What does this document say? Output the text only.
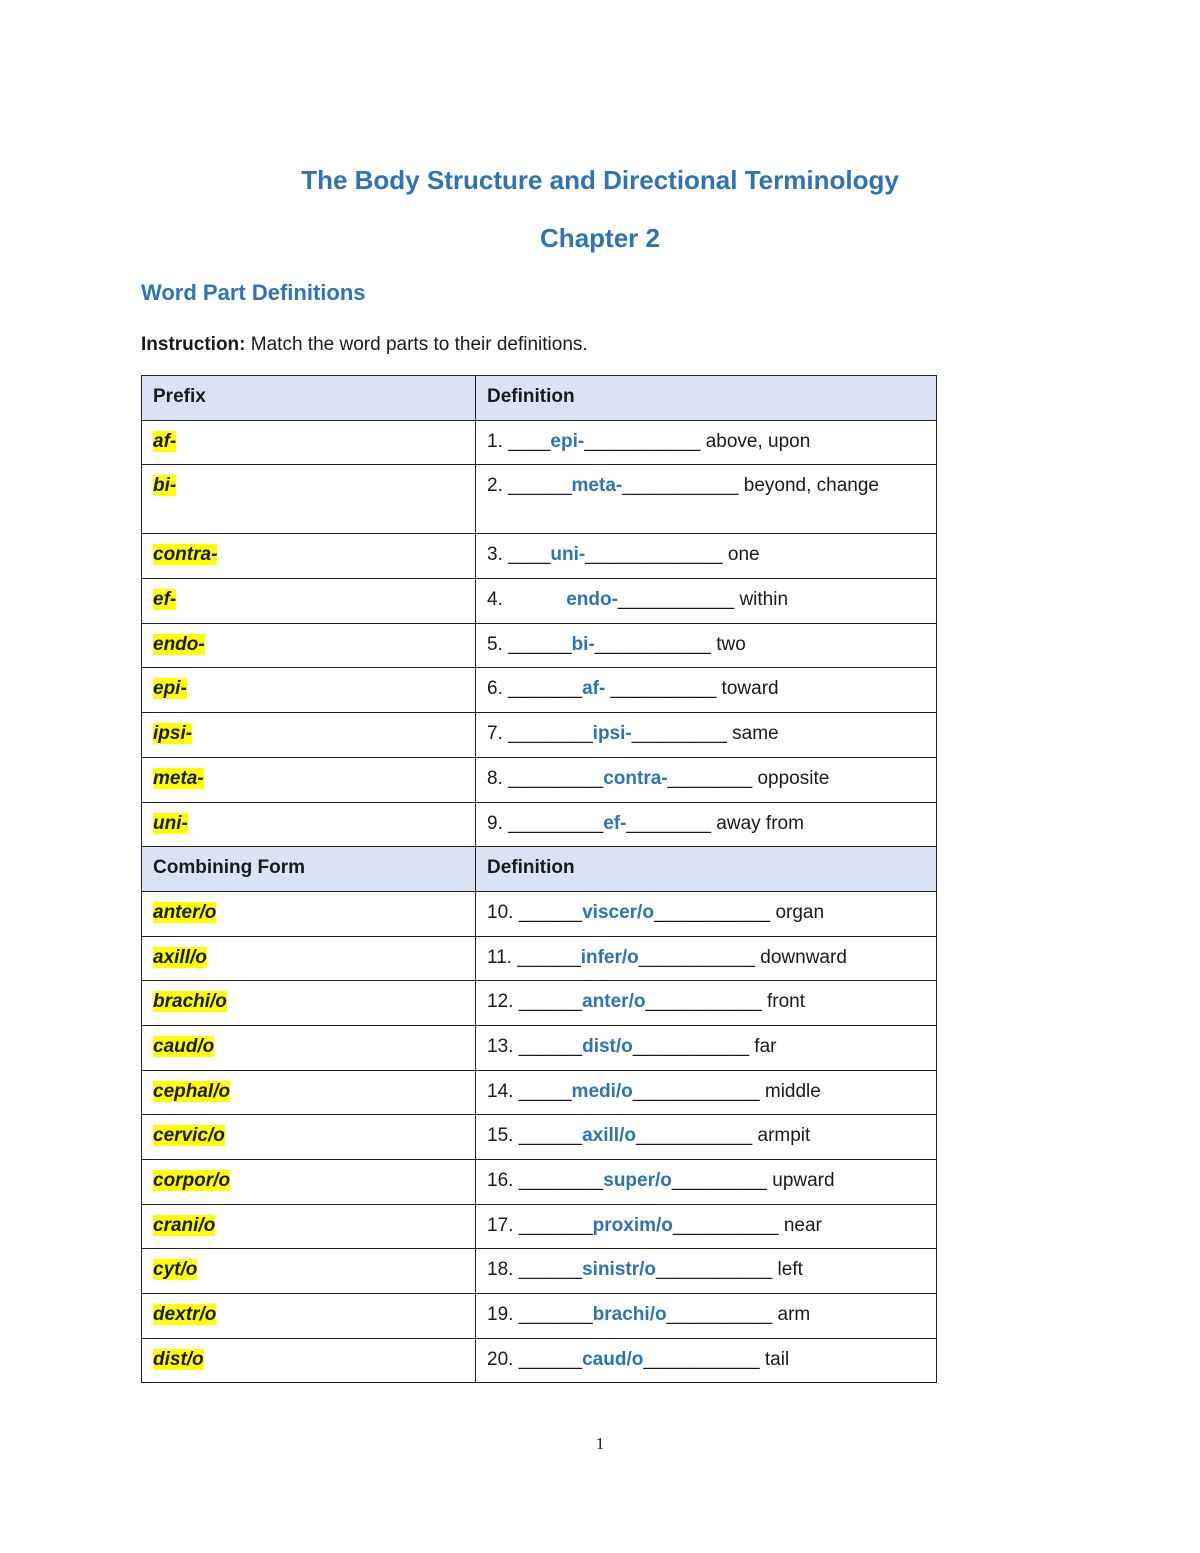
The Body Structure and Directional Terminology
Chapter 2
Word Part Definitions

Instruction: Match the word parts to their definitions.

Prefix	Definition
af-	1. ____epi-___________ above, upon
bi-	2. ______meta-___________ beyond, change
contra-	3. ____uni-_____________ one
ef-	4. endo-___________ within
endo-	5. ______bi-___________ two
epi-	6. _______af- __________ toward
ipsi-	7. ________ipsi-_________ same
meta-	8. _________contra-________ opposite
uni-	9. _________ef-________ away from
Combining Form	Definition
anter/o	10. ______viscer/o___________ organ
axill/o	11. ______infer/o___________ downward
brachi/o	12. ______anter/o___________ front
caud/o	13. ______dist/o___________ far
cephal/o	14. _____medi/o____________ middle
cervic/o	15. ______axill/o___________ armpit
corpor/o	16. ________super/o_________ upward
crani/o	17. _______proxim/o__________ near
cyt/o	18. ______sinistr/o___________ left
dextr/o	19. _______brachi/o__________ arm
dist/o	20. ______caud/o___________ tail
1
